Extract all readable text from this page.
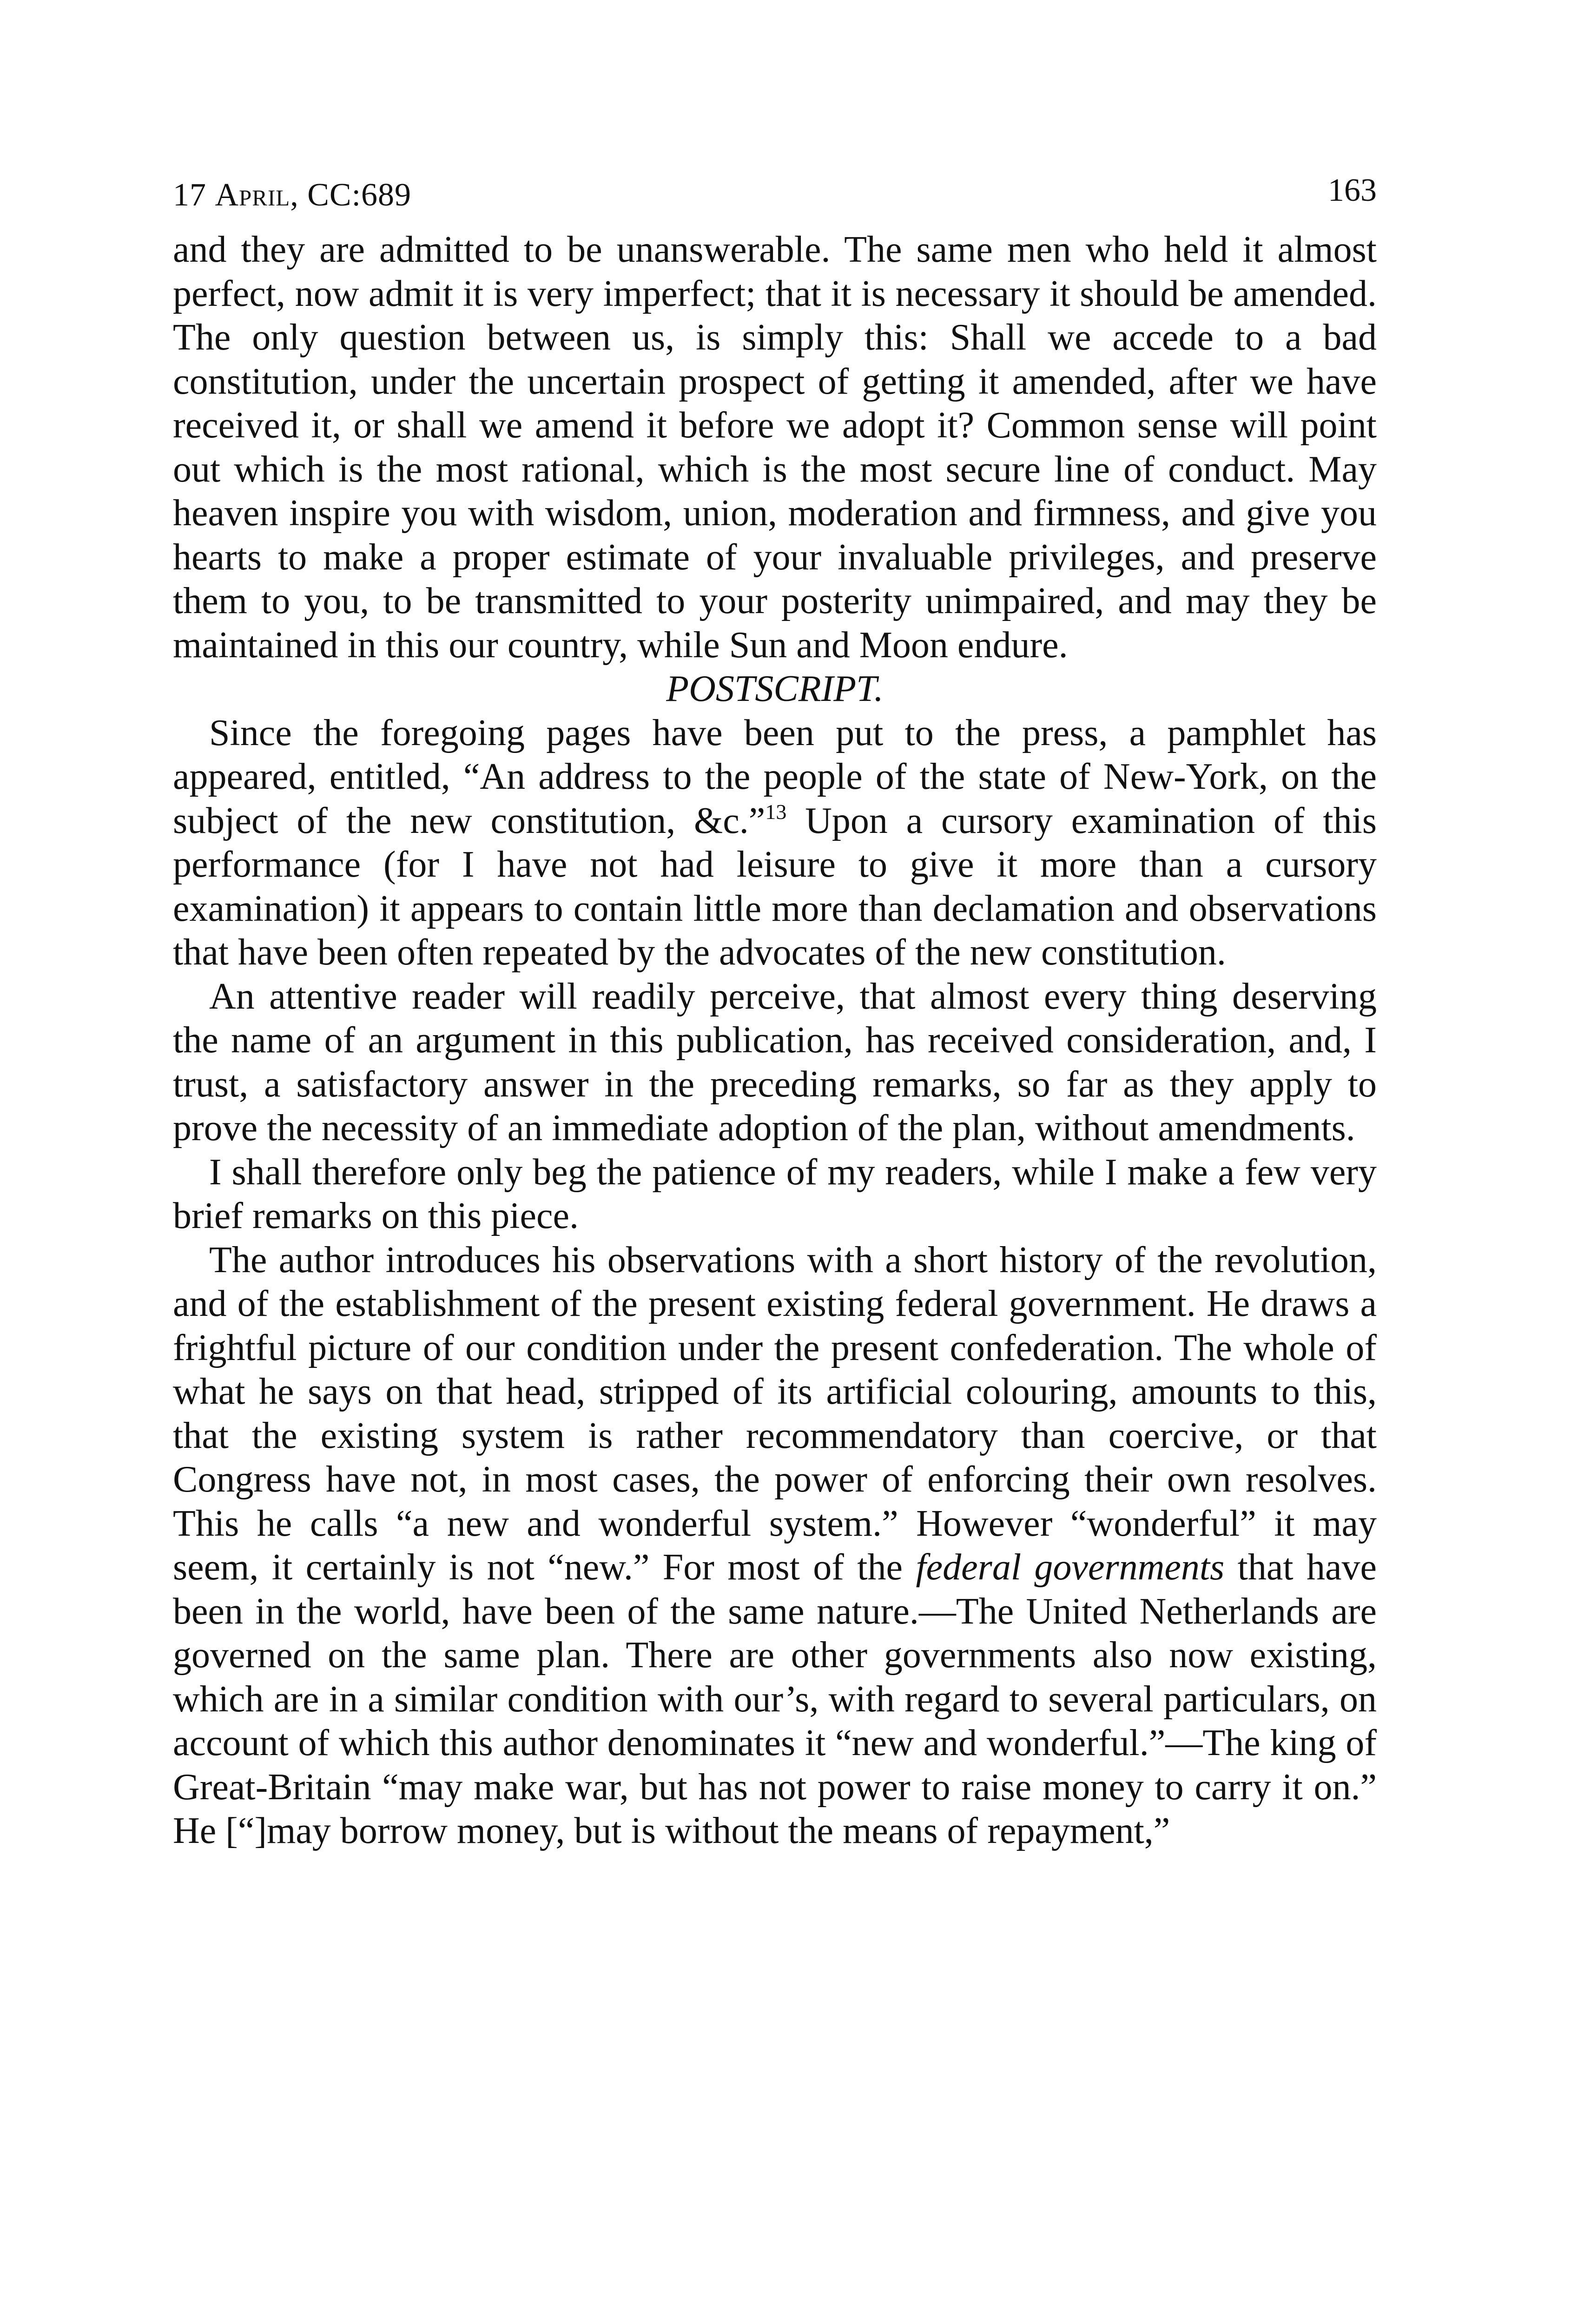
17 April, CC:689	163

and they are admitted to be unanswerable. The same men who held it almost perfect, now admit it is very imperfect; that it is necessary it should be amended. The only question between us, is simply this: Shall we accede to a bad constitution, under the uncertain prospect of getting it amended, after we have received it, or shall we amend it before we adopt it? Common sense will point out which is the most rational, which is the most secure line of conduct. May heaven inspire you with wisdom, union, moderation and firmness, and give you hearts to make a proper estimate of your invaluable privileges, and preserve them to you, to be transmitted to your posterity unimpaired, and may they be maintained in this our country, while Sun and Moon endure.

POSTSCRIPT.

Since the foregoing pages have been put to the press, a pamphlet has appeared, entitled, “An address to the people of the state of New-York, on the subject of the new constitution, &c.”$^{13}$ Upon a cursory examination of this performance (for I have not had leisure to give it more than a cursory examination) it appears to contain little more than declamation and observations that have been often repeated by the advocates of the new constitution.

An attentive reader will readily perceive, that almost every thing deserving the name of an argument in this publication, has received consideration, and, I trust, a satisfactory answer in the preceding remarks, so far as they apply to prove the necessity of an immediate adoption of the plan, without amendments.

I shall therefore only beg the patience of my readers, while I make a few very brief remarks on this piece.

The author introduces his observations with a short history of the revolution, and of the establishment of the present existing federal government. He draws a frightful picture of our condition under the present confederation. The whole of what he says on that head, stripped of its artificial colouring, amounts to this, that the existing system is rather recommendatory than coercive, or that Congress have not, in most cases, the power of enforcing their own resolves. This he calls “a new and wonderful system.” However “wonderful” it may seem, it certainly is not “new.” For most of the federal governments that have been in the world, have been of the same nature.—The United Netherlands are governed on the same plan. There are other governments also now existing, which are in a similar condition with our’s, with regard to several particulars, on account of which this author denominates it “new and wonderful.”—The king of Great-Britain “may make war, but has not power to raise money to carry it on.” He [“]may borrow money, but is without the means of repayment,”
